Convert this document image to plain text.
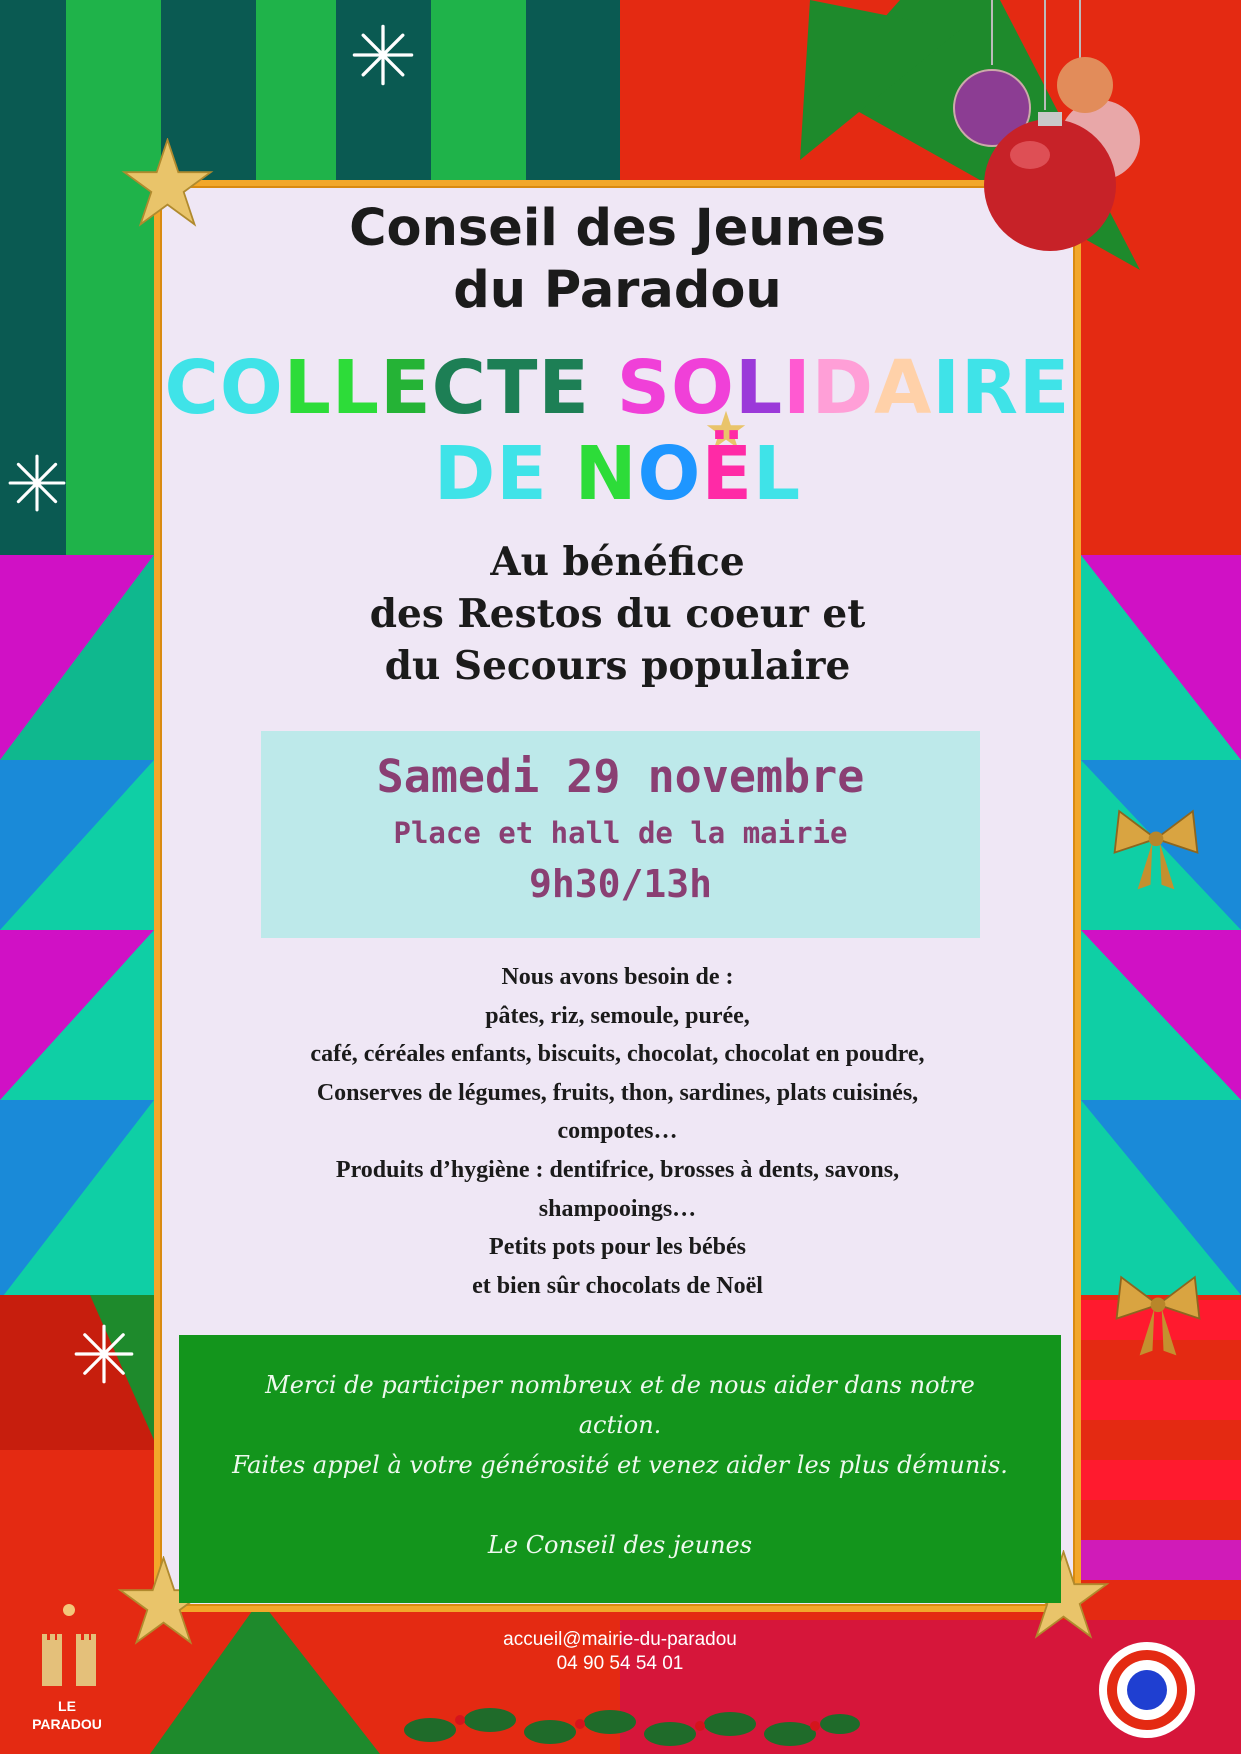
Conseil des Jeunes
du Paradou
COLLECTE SOLIDAIRE
DE NOËL
Au bénéfice
des Restos du coeur et
du Secours populaire
Samedi 29 novembre
Place et hall de la mairie
9h30/13h
Nous avons besoin de :
pâtes, riz, semoule, purée,
café, céréales enfants, biscuits, chocolat, chocolat en poudre,
Conserves de légumes, fruits, thon, sardines, plats cuisinés,
compotes…
Produits d’hygiène : dentifrice, brosses à dents, savons,
shampooings…
Petits pots pour les bébés
et bien sûr chocolats de Noël
Merci de participer nombreux et de nous aider dans notre
action.
Faites appel à votre générosité et venez aider les plus démunis.
Le Conseil des jeunes
accueil@mairie-du-paradou
04 90 54 54 01
LE
PARADOU
